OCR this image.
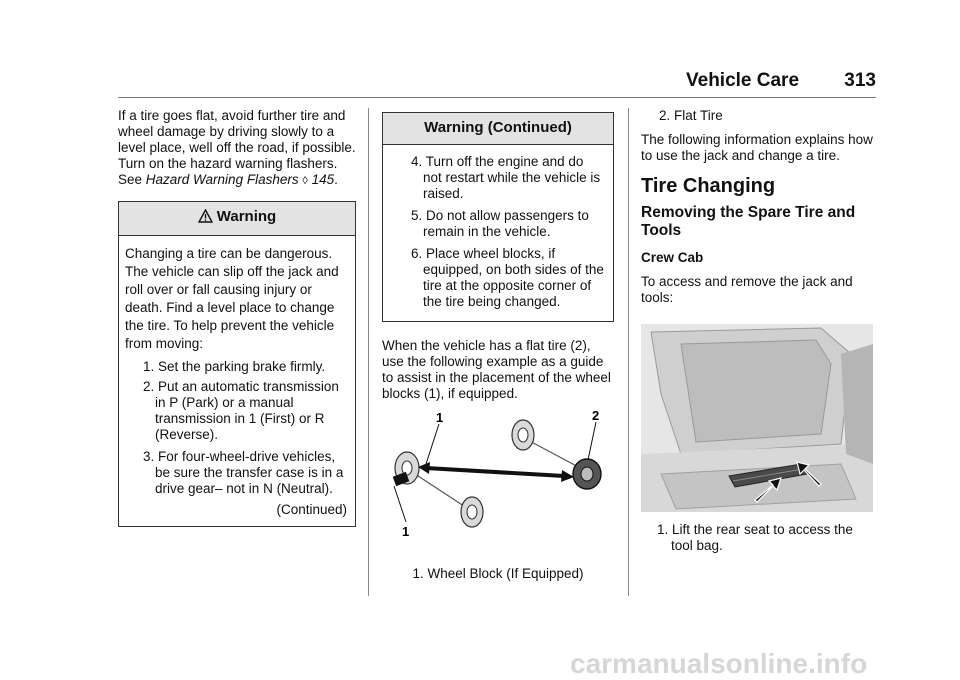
Vehicle Care 313

If a tire goes flat, avoid further tire and wheel damage by driving slowly to a level place, well off the road, if possible. Turn on the hazard warning flashers. See Hazard Warning Flashers ◊ 145.

Warning

Changing a tire can be dangerous. The vehicle can slip off the jack and roll over or fall causing injury or death. Find a level place to change the tire. To help prevent the vehicle from moving:

1. Set the parking brake firmly.

2. Put an automatic transmission in P (Park) or a manual transmission in 1 (First) or R (Reverse).

3. For four-wheel-drive vehicles, be sure the transfer case is in a drive gear– not in N (Neutral).

(Continued)
Warning (Continued)

4. Turn off the engine and do not restart while the vehicle is raised.

5. Do not allow passengers to remain in the vehicle.

6. Place wheel blocks, if equipped, on both sides of the tire at the opposite corner of the tire being changed.

When the vehicle has a flat tire (2), use the following example as a guide to assist in the placement of the wheel blocks (1), if equipped.

1
1
2
1. Wheel Block (If Equipped)
2. Flat Tire

The following information explains how to use the jack and change a tire.

Tire Changing
Removing the Spare Tire and Tools
Crew Cab

To access and remove the jack and tools:

1. Lift the rear seat to access the tool bag.

carmanualsonline.info
